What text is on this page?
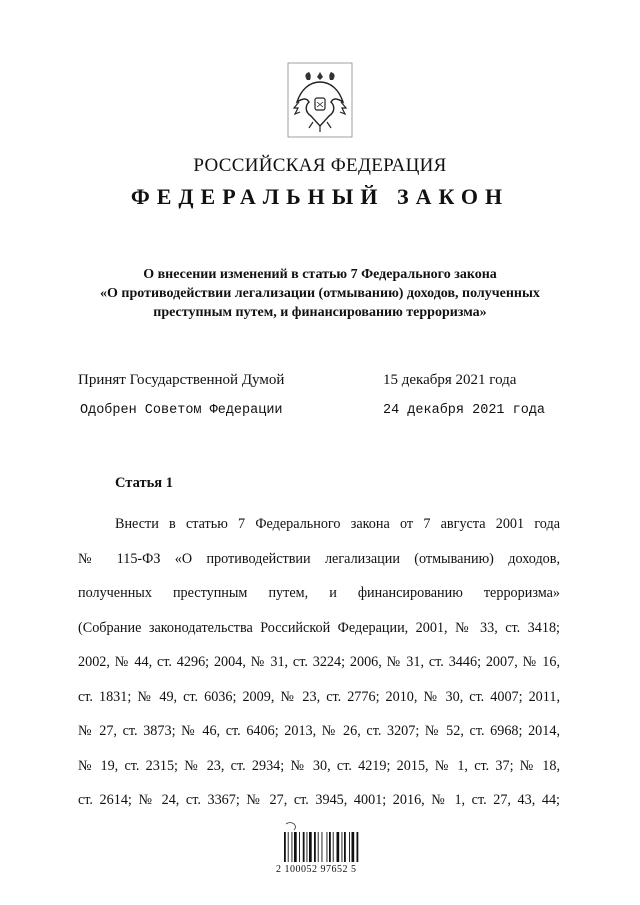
РОССИЙСКАЯ ФЕДЕРАЦИЯ
ФЕДЕРАЛЬНЫЙ ЗАКОН
О внесении изменений в статью 7 Федерального закона
«О противодействии легализации (отмыванию) доходов, полученных
преступным путем, и финансированию терроризма»
Принят Государственной Думой	15 декабря 2021 года
Одобрен Советом Федерации	24 декабря 2021 года
Статья 1
Внести в статью 7 Федерального закона от 7 августа 2001 года
№ 115-ФЗ «О противодействии легализации (отмыванию) доходов,
полученных преступным путем, и финансированию терроризма»
(Собрание законодательства Российской Федерации, 2001, № 33, ст. 3418;
2002, № 44, ст. 4296; 2004, № 31, ст. 3224; 2006, № 31, ст. 3446; 2007, № 16,
ст. 1831; № 49, ст. 6036; 2009, № 23, ст. 2776; 2010, № 30, ст. 4007; 2011,
№ 27, ст. 3873; № 46, ст. 6406; 2013, № 26, ст. 3207; № 52, ст. 6968; 2014,
№ 19, ст. 2315; № 23, ст. 2934; № 30, ст. 4219; 2015, № 1, ст. 37; № 18,
ст. 2614; № 24, ст. 3367; № 27, ст. 3945, 4001; 2016, № 1, ст. 27, 43, 44;
2 100052 97652 5
